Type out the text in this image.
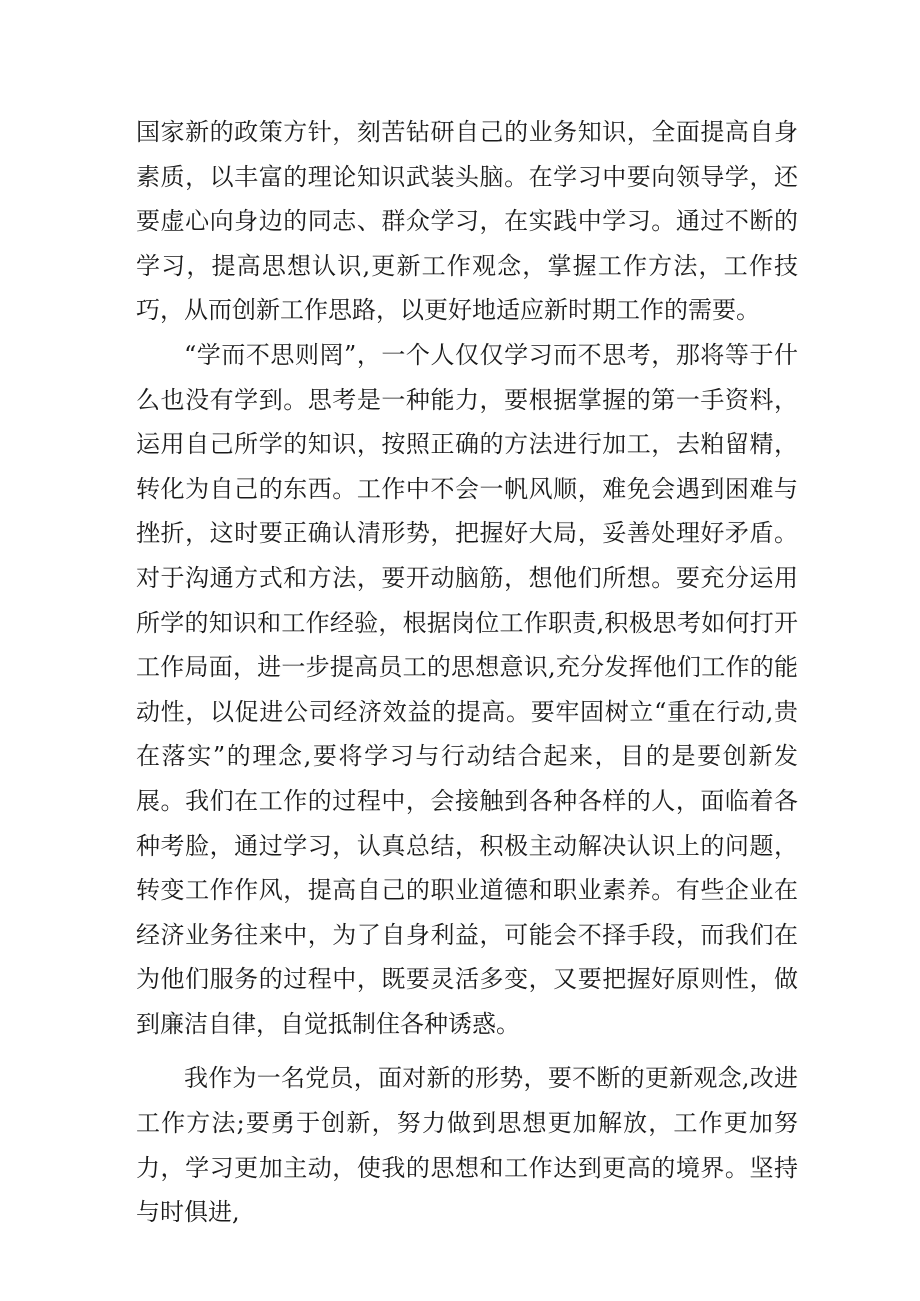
国家新的政策方针，刻苦钻研自己的业务知识，全面提高自身素质，以丰富的理论知识武装头脑。在学习中要向领导学，还要虚心向身边的同志、群众学习，在实践中学习。通过不断的学习，提高思想认识,更新工作观念，掌握工作方法，工作技巧，从而创新工作思路，以更好地适应新时期工作的需要。

“学而不思则罔”，一个人仅仅学习而不思考，那将等于什么也没有学到。思考是一种能力，要根据掌握的第一手资料，运用自己所学的知识，按照正确的方法进行加工，去粕留精，转化为自己的东西。工作中不会一帆风顺，难免会遇到困难与挫折，这时要正确认清形势，把握好大局，妥善处理好矛盾。对于沟通方式和方法，要开动脑筋，想他们所想。要充分运用所学的知识和工作经验，根据岗位工作职责,积极思考如何打开工作局面，进一步提高员工的思想意识,充分发挥他们工作的能动性，以促进公司经济效益的提高。要牢固树立“重在行动,贵在落实”的理念,要将学习与行动结合起来，目的是要创新发展。我们在工作的过程中，会接触到各种各样的人，面临着各种考脸，通过学习，认真总结，积极主动解决认识上的问题，转变工作作风，提高自己的职业道德和职业素养。有些企业在经济业务往来中，为了自身利益，可能会不择手段，而我们在为他们服务的过程中，既要灵活多变，又要把握好原则性，做到廉洁自律，自觉抵制住各种诱惑。

我作为一名党员，面对新的形势，要不断的更新观念,改进工作方法;要勇于创新，努力做到思想更加解放，工作更加努力，学习更加主动，使我的思想和工作达到更高的境界。坚持与时俱进,
